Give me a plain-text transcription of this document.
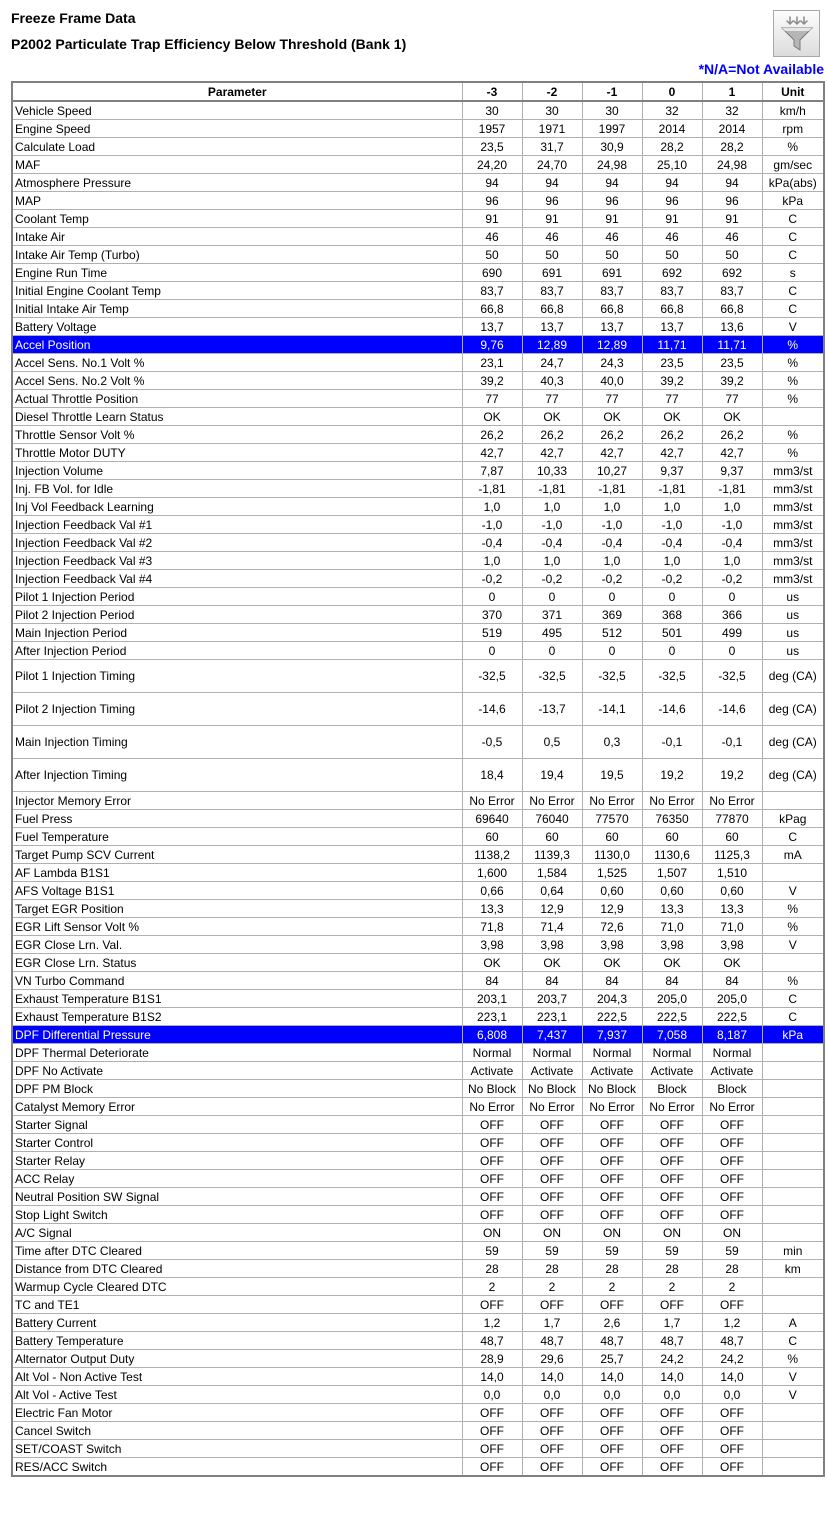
Freeze Frame Data
P2002 Particulate Trap Efficiency Below Threshold (Bank 1)
*N/A=Not Available
Parameter	-3	-2	-1	0	1	Unit
Vehicle Speed	30	30	30	32	32	km/h
Engine Speed	1957	1971	1997	2014	2014	rpm
Calculate Load	23,5	31,7	30,9	28,2	28,2	%
MAF	24,20	24,70	24,98	25,10	24,98	gm/sec
Atmosphere Pressure	94	94	94	94	94	kPa(abs)
MAP	96	96	96	96	96	kPa
Coolant Temp	91	91	91	91	91	C
Intake Air	46	46	46	46	46	C
Intake Air Temp (Turbo)	50	50	50	50	50	C
Engine Run Time	690	691	691	692	692	s
Initial Engine Coolant Temp	83,7	83,7	83,7	83,7	83,7	C
Initial Intake Air Temp	66,8	66,8	66,8	66,8	66,8	C
Battery Voltage	13,7	13,7	13,7	13,7	13,6	V
Accel Position	9,76	12,89	12,89	11,71	11,71	%
Accel Sens. No.1 Volt %	23,1	24,7	24,3	23,5	23,5	%
Accel Sens. No.2 Volt %	39,2	40,3	40,0	39,2	39,2	%
Actual Throttle Position	77	77	77	77	77	%
Diesel Throttle Learn Status	OK	OK	OK	OK	OK	
Throttle Sensor Volt %	26,2	26,2	26,2	26,2	26,2	%
Throttle Motor DUTY	42,7	42,7	42,7	42,7	42,7	%
Injection Volume	7,87	10,33	10,27	9,37	9,37	mm3/st
Inj. FB Vol. for Idle	-1,81	-1,81	-1,81	-1,81	-1,81	mm3/st
Inj Vol Feedback Learning	1,0	1,0	1,0	1,0	1,0	mm3/st
Injection Feedback Val #1	-1,0	-1,0	-1,0	-1,0	-1,0	mm3/st
Injection Feedback Val #2	-0,4	-0,4	-0,4	-0,4	-0,4	mm3/st
Injection Feedback Val #3	1,0	1,0	1,0	1,0	1,0	mm3/st
Injection Feedback Val #4	-0,2	-0,2	-0,2	-0,2	-0,2	mm3/st
Pilot 1 Injection Period	0	0	0	0	0	us
Pilot 2 Injection Period	370	371	369	368	366	us
Main Injection Period	519	495	512	501	499	us
After Injection Period	0	0	0	0	0	us
Pilot 1 Injection Timing	-32,5	-32,5	-32,5	-32,5	-32,5	deg (CA)
Pilot 2 Injection Timing	-14,6	-13,7	-14,1	-14,6	-14,6	deg (CA)
Main Injection Timing	-0,5	0,5	0,3	-0,1	-0,1	deg (CA)
After Injection Timing	18,4	19,4	19,5	19,2	19,2	deg (CA)
Injector Memory Error	No Error	No Error	No Error	No Error	No Error	
Fuel Press	69640	76040	77570	76350	77870	kPag
Fuel Temperature	60	60	60	60	60	C
Target Pump SCV Current	1138,2	1139,3	1130,0	1130,6	1125,3	mA
AF Lambda B1S1	1,600	1,584	1,525	1,507	1,510	
AFS Voltage B1S1	0,66	0,64	0,60	0,60	0,60	V
Target EGR Position	13,3	12,9	12,9	13,3	13,3	%
EGR Lift Sensor Volt %	71,8	71,4	72,6	71,0	71,0	%
EGR Close Lrn. Val.	3,98	3,98	3,98	3,98	3,98	V
EGR Close Lrn. Status	OK	OK	OK	OK	OK	
VN Turbo Command	84	84	84	84	84	%
Exhaust Temperature B1S1	203,1	203,7	204,3	205,0	205,0	C
Exhaust Temperature B1S2	223,1	223,1	222,5	222,5	222,5	C
DPF Differential Pressure	6,808	7,437	7,937	7,058	8,187	kPa
DPF Thermal Deteriorate	Normal	Normal	Normal	Normal	Normal	
DPF No Activate	Activate	Activate	Activate	Activate	Activate	
DPF PM Block	No Block	No Block	No Block	Block	Block	
Catalyst Memory Error	No Error	No Error	No Error	No Error	No Error	
Starter Signal	OFF	OFF	OFF	OFF	OFF	
Starter Control	OFF	OFF	OFF	OFF	OFF	
Starter Relay	OFF	OFF	OFF	OFF	OFF	
ACC Relay	OFF	OFF	OFF	OFF	OFF	
Neutral Position SW Signal	OFF	OFF	OFF	OFF	OFF	
Stop Light Switch	OFF	OFF	OFF	OFF	OFF	
A/C Signal	ON	ON	ON	ON	ON	
Time after DTC Cleared	59	59	59	59	59	min
Distance from DTC Cleared	28	28	28	28	28	km
Warmup Cycle Cleared DTC	2	2	2	2	2	
TC and TE1	OFF	OFF	OFF	OFF	OFF	
Battery Current	1,2	1,7	2,6	1,7	1,2	A
Battery Temperature	48,7	48,7	48,7	48,7	48,7	C
Alternator Output Duty	28,9	29,6	25,7	24,2	24,2	%
Alt Vol - Non Active Test	14,0	14,0	14,0	14,0	14,0	V
Alt Vol - Active Test	0,0	0,0	0,0	0,0	0,0	V
Electric Fan Motor	OFF	OFF	OFF	OFF	OFF	
Cancel Switch	OFF	OFF	OFF	OFF	OFF	
SET/COAST Switch	OFF	OFF	OFF	OFF	OFF	
RES/ACC Switch	OFF	OFF	OFF	OFF	OFF	
